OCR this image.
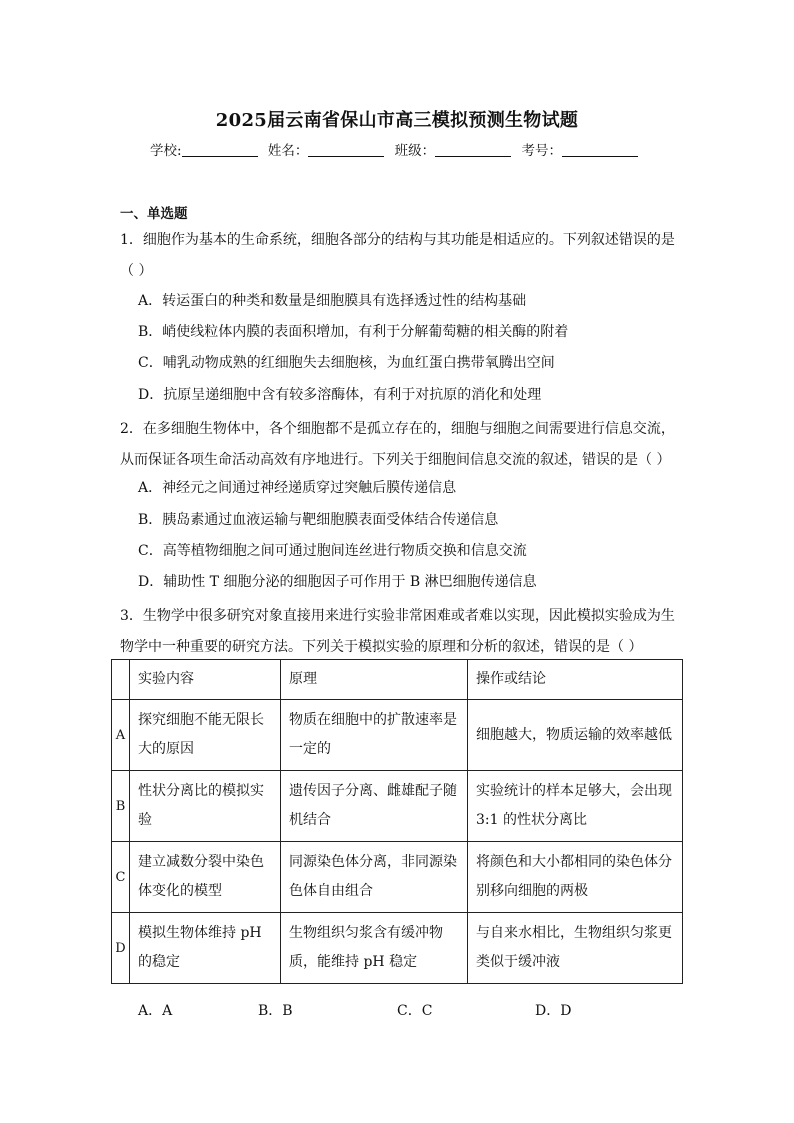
2025届云南省保山市高三模拟预测生物试题
学校:	姓名：	班级：	考号：
一、单选题

1．细胞作为基本的生命系统，细胞各部分的结构与其功能是相适应的。下列叙述错误的是（ ）

A．转运蛋白的种类和数量是细胞膜具有选择透过性的结构基础

B．峭使线粒体内膜的表面积增加，有利于分解葡萄糖的相关酶的附着

C．哺乳动物成熟的红细胞失去细胞核，为血红蛋白携带氧腾出空间

D．抗原呈递细胞中含有较多溶酶体，有利于对抗原的消化和处理

2．在多细胞生物体中，各个细胞都不是孤立存在的，细胞与细胞之间需要进行信息交流，从而保证各项生命活动高效有序地进行。下列关于细胞间信息交流的叙述，错误的是（ ）

A．神经元之间通过神经递质穿过突触后膜传递信息

B．胰岛素通过血液运输与靶细胞膜表面受体结合传递信息

C．高等植物细胞之间可通过胞间连丝进行物质交换和信息交流

D．辅助性 T 细胞分泌的细胞因子可作用于 B 淋巴细胞传递信息

3．生物学中很多研究对象直接用来进行实验非常困难或者难以实现，因此模拟实验成为生物学中一种重要的研究方法。下列关于模拟实验的原理和分析的叙述，错误的是（ ）

	实验内容	原理	操作或结论
A	探究细胞不能无限长大的原因	物质在细胞中的扩散速率是一定的	细胞越大，物质运输的效率越低
B	性状分离比的模拟实验	遗传因子分离、雌雄配子随机结合	实验统计的样本足够大，会出现 3:1 的性状分离比
C	建立减数分裂中染色体变化的模型	同源染色体分离，非同源染色体自由组合	将颜色和大小都相同的染色体分别移向细胞的两极
D	模拟生物体维持 pH 的稳定	生物组织匀浆含有缓冲物质，能维持 pH 稳定	与自来水相比，生物组织匀浆更类似于缓冲液
A．A	B．B	C．C	D．D
